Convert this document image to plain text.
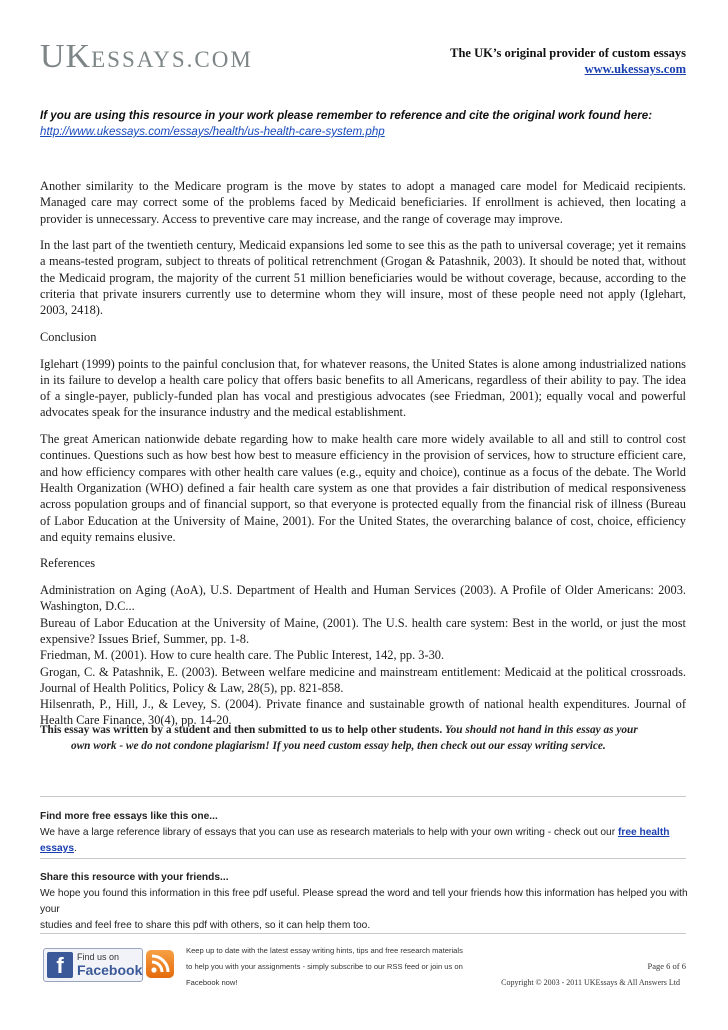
UKESSAYS.COM	The UK’s original provider of custom essays
www.ukessays.com
If you are using this resource in your work please remember to reference and cite the original work found here:
http://www.ukessays.com/essays/health/us-health-care-system.php

Another similarity to the Medicare program is the move by states to adopt a managed care model for Medicaid recipients. Managed care may correct some of the problems faced by Medicaid beneficiaries. If enrollment is achieved, then locating a provider is unnecessary. Access to preventive care may increase, and the range of coverage may improve.

In the last part of the twentieth century, Medicaid expansions led some to see this as the path to universal coverage; yet it remains a means-tested program, subject to threats of political retrenchment (Grogan & Patashnik, 2003). It should be noted that, without the Medicaid program, the majority of the current 51 million beneficiaries would be without coverage, because, according to the criteria that private insurers currently use to determine whom they will insure, most of these people need not apply (Iglehart, 2003, 2418).

Conclusion

Iglehart (1999) points to the painful conclusion that, for whatever reasons, the United States is alone among industrialized nations in its failure to develop a health care policy that offers basic benefits to all Americans, regardless of their ability to pay. The idea of a single-payer, publicly-funded plan has vocal and prestigious advocates (see Friedman, 2001); equally vocal and powerful advocates speak for the insurance industry and the medical establishment.

The great American nationwide debate regarding how to make health care more widely available to all and still to control cost continues. Questions such as how best how best to measure efficiency in the provision of services, how to structure efficient care, and how efficiency compares with other health care values (e.g., equity and choice), continue as a focus of the debate. The World Health Organization (WHO) defined a fair health care system as one that provides a fair distribution of medical responsiveness across population groups and of financial support, so that everyone is protected equally from the financial risk of illness (Bureau of Labor Education at the University of Maine, 2001). For the United States, the overarching balance of cost, choice, efficiency and equity remains elusive.

References

Administration on Aging (AoA), U.S. Department of Health and Human Services (2003). A Profile of Older Americans: 2003. Washington, D.C...

Bureau of Labor Education at the University of Maine, (2001). The U.S. health care system: Best in the world, or just the most expensive? Issues Brief, Summer, pp. 1-8.

Friedman, M. (2001). How to cure health care. The Public Interest, 142, pp. 3-30.

Grogan, C. & Patashnik, E. (2003). Between welfare medicine and mainstream entitlement: Medicaid at the political crossroads. Journal of Health Politics, Policy & Law, 28(5), pp. 821-858.

Hilsenrath, P., Hill, J., & Levey, S. (2004). Private finance and sustainable growth of national health expenditures. Journal of Health Care Finance, 30(4), pp. 14-20.

This essay was written by a student and then submitted to us to help other students. You should not hand in this essay as your
own work - we do not condone plagiarism! If you need custom essay help, then check out our essay writing service.
Find more free essays like this one...
We have a large reference library of essays that you can use as research materials to help with your own writing - check out our free health essays.
Share this resource with your friends...
We hope you found this information in this free pdf useful. Please spread the word and tell your friends how this information has helped you with your
studies and feel free to share this pdf with others, so it can help them too.
f	Find us on
Facebook
Keep up to date with the latest essay writing hints, tips and free research materials
to help you with your assignments - simply subscribe to our RSS feed or join us on
Facebook now!
Page 6 of 6
Copyright © 2003 - 2011 UKEssays & All Answers Ltd
